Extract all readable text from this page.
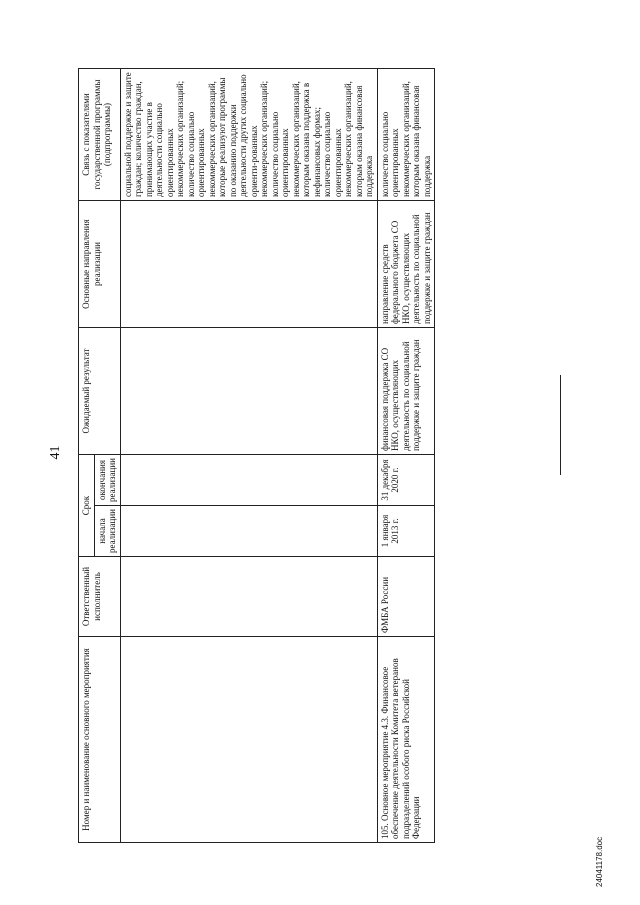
41
Номер и наименование основного мероприятия	Ответственный исполнитель	Срок		Ожидаемый результат	Основные направления реализации	Связь с показателями государственной программы (подпрограммы)
		начала реализации	окончания реализации			
						социальной поддержке и защите граждан; количество граждан, принимающих участие в деятельности социально ориентированных некоммерческих организаций; количество социально ориентированных некоммерческих организаций, которые реализуют программы по оказанию поддержки деятельности других социально ориенти-рованных некоммерческих организаций; количество социально ориентированных некоммерческих организаций, которым оказана поддержка в нефинансовых формах; количество социально ориентированных некоммерческих организаций, которым оказана финансовая поддержка
105. Основное мероприятие 4.3. Финансовое обеспечение деятельности Комитета ветеранов подразделений особого риска Российской Федерации	ФМБА России	1 января 2013 г.	31 декабря 2020 г.	финансовая поддержка СО НКО, осуществляющих деятельность по социальной поддержке и защите граждан	направление средств федерального бюджета СО НКО, осуществляющих деятельность по социальной поддержке и защите граждан	количество социально ориентированных некоммерческих организаций, которым оказана финансовая поддержка
24041178.doc
